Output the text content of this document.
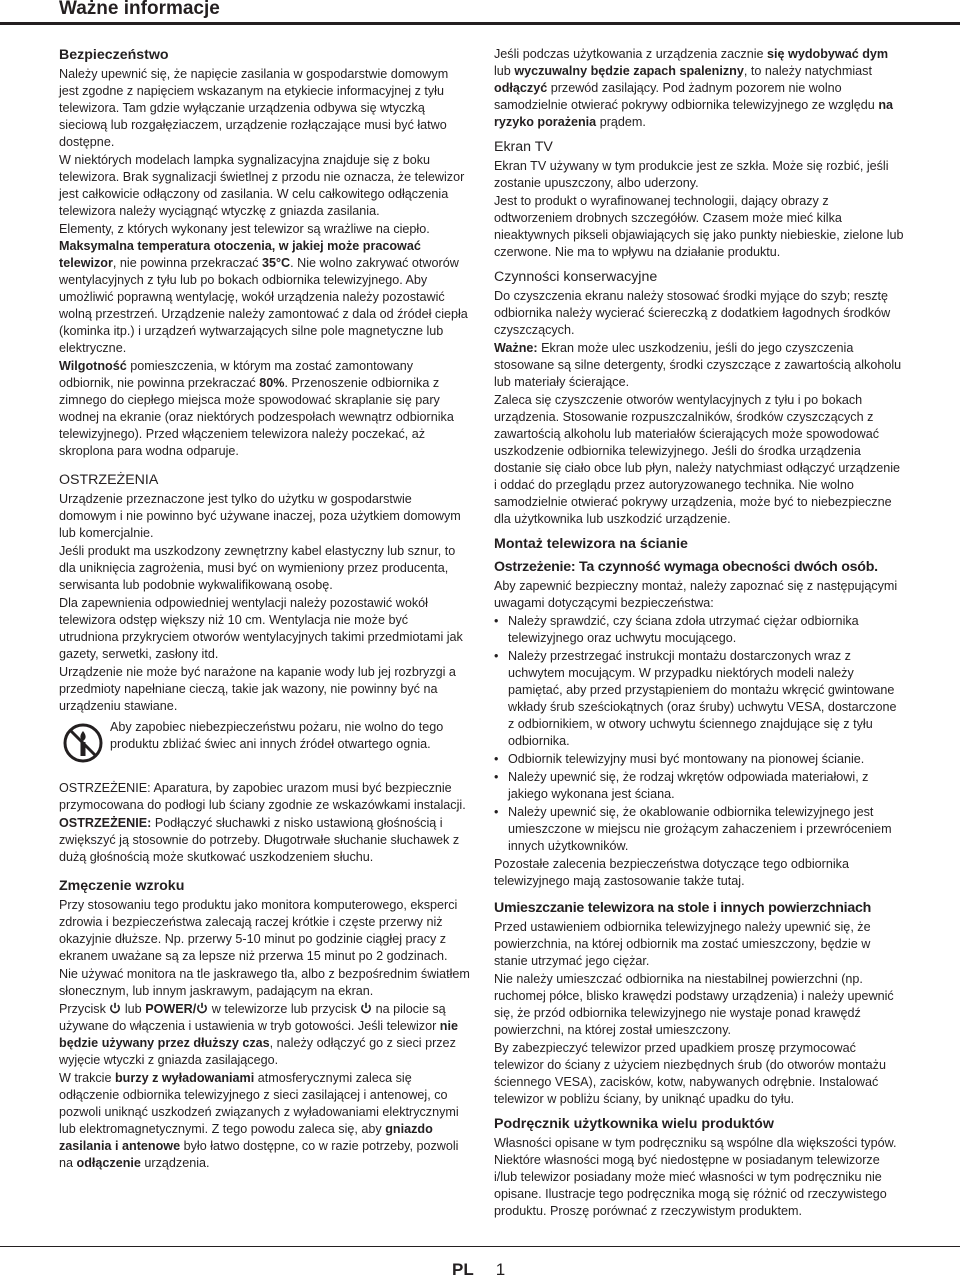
Ważne informacje
Bezpieczeństwo

Należy upewnić się, że napięcie zasilania w gospodarstwie domowym jest zgodne z napięciem wskazanym na etykiecie informacyjnej z tyłu telewizora. Tam gdzie wyłączanie urządzenia odbywa się wtyczką sieciową lub rozgałęziaczem, urządzenie rozłączające musi być łatwo dostępne.

W niektórych modelach lampka sygnalizacyjna znajduje się z boku telewizora. Brak sygnalizacji świetlnej z przodu nie oznacza, że telewizor jest całkowicie odłączony od zasilania. W celu całkowitego odłączenia telewizora należy wyciągnąć wtyczkę z gniazda zasilania.

Elementy, z których wykonany jest telewizor są wrażliwe na ciepło. Maksymalna temperatura otoczenia, w jakiej może pracować telewizor, nie powinna przekraczać 35°C. Nie wolno zakrywać otworów wentylacyjnych z tyłu lub po bokach odbiornika telewizyjnego. Aby umożliwić poprawną wentylację, wokół urządzenia należy pozostawić wolną przestrzeń. Urządzenie należy zamontować z dala od źródeł ciepła (kominka itp.) i urządzeń wytwarzających silne pole magnetyczne lub elektryczne.

Wilgotność pomieszczenia, w którym ma zostać zamontowany odbiornik, nie powinna przekraczać 80%. Przenoszenie odbiornika z zimnego do ciepłego miejsca może spowodować skraplanie się pary wodnej na ekranie (oraz niektórych podzespołach wewnątrz odbiornika telewizyjnego). Przed włączeniem telewizora należy poczekać, aż skroplona para wodna odparuje.

OSTRZEŻENIA

Urządzenie przeznaczone jest tylko do użytku w gospodarstwie domowym i nie powinno być używane inaczej, poza użytkiem domowym lub komercjalnie.

Jeśli produkt ma uszkodzony zewnętrzny kabel elastyczny lub sznur, to dla uniknięcia zagrożenia, musi być on wymieniony przez producenta, serwisanta lub podobnie wykwalifikowaną osobę.

Dla zapewnienia odpowiedniej wentylacji należy pozostawić wokół telewizora odstęp większy niż 10 cm. Wentylacja nie może być utrudniona przykryciem otworów wentylacyjnych takimi przedmiotami jak gazety, serwetki, zasłony itd.

Urządzenie nie może być narażone na kapanie wody lub jej rozbryzgi a przedmioty napełniane cieczą, takie jak wazony, nie powinny być na urządzeniu stawiane.

Aby zapobiec niebezpieczeństwu pożaru, nie wolno do tego produktu zbliżać świec ani innych źródeł otwartego ognia.

OSTRZEŻENIE: Aparatura, by zapobiec urazom musi być bezpiecznie przymocowana do podłogi lub ściany zgodnie ze wskazówkami instalacji.

OSTRZEŻENIE: Podłączyć słuchawki z nisko ustawioną głośnością i zwiększyć ją stosownie do potrzeby. Długotrwałe słuchanie słuchawek z dużą głośnością może skutkować uszkodzeniem słuchu.

Zmęczenie wzroku

Przy stosowaniu tego produktu jako monitora komputerowego, eksperci zdrowia i bezpieczeństwa zalecają raczej krótkie i częste przerwy niż okazyjnie dłuższe. Np. przerwy 5-10 minut po godzinie ciągłej pracy z ekranem uważane są za lepsze niż przerwa 15 minut po 2 godzinach.

Nie używać monitora na tle jaskrawego tła, albo z bezpośrednim światłem słonecznym, lub innym jaskrawym, padającym na ekran.

Przycisk  lub POWER/ w telewizorze lub przycisk  na pilocie są używane do włączenia i ustawienia w tryb gotowości. Jeśli telewizor nie będzie używany przez dłuższy czas, należy odłączyć go z sieci przez wyjęcie wtyczki z gniazda zasilającego.

W trakcie burzy z wyładowaniami atmosferycznymi zaleca się odłączenie odbiornika telewizyjnego z sieci zasilającej i antenowej, co pozwoli uniknąć uszkodzeń związanych z wyładowaniami elektrycznymi lub elektromagnetycznymi. Z tego powodu zaleca się, aby gniazdo zasilania i antenowe było łatwo dostępne, co w razie potrzeby, pozwoli na odłączenie urządzenia.

Jeśli podczas użytkowania z urządzenia zacznie się wydobywać dym lub wyczuwalny będzie zapach spalenizny, to należy natychmiast odłączyć przewód zasilający. Pod żadnym pozorem nie wolno samodzielnie otwierać pokrywy odbiornika telewizyjnego ze względu na ryzyko porażenia prądem.

Ekran TV

Ekran TV używany w tym produkcie jest ze szkła. Może się rozbić, jeśli zostanie upuszczony, albo uderzony.

Jest to produkt o wyrafinowanej technologii, dający obrazy z odtworzeniem drobnych szczegółów. Czasem może mieć kilka nieaktywnych pikseli objawiających się jako punkty niebieskie, zielone lub czerwone. Nie ma to wpływu na działanie produktu.

Czynności konserwacyjne

Do czyszczenia ekranu należy stosować środki myjące do szyb; resztę odbiornika należy wycierać ściereczką z dodatkiem łagodnych środków czyszczących.

Ważne: Ekran może ulec uszkodzeniu, jeśli do jego czyszczenia stosowane są silne detergenty, środki czyszczące z zawartością alkoholu lub materiały ścierające.

Zaleca się czyszczenie otworów wentylacyjnych z tyłu i po bokach urządzenia. Stosowanie rozpuszczalników, środków czyszczących z zawartością alkoholu lub materiałów ścierających może spowodować uszkodzenie odbiornika telewizyjnego. Jeśli do środka urządzenia dostanie się ciało obce lub płyn, należy natychmiast odłączyć urządzenie i oddać do przeglądu przez autoryzowanego technika. Nie wolno samodzielnie otwierać pokrywy urządzenia, może być to niebezpieczne dla użytkownika lub uszkodzić urządzenie.

Montaż telewizora na ścianie
Ostrzeżenie: Ta czynność wymaga obecności dwóch osób.

Aby zapewnić bezpieczny montaż, należy zapoznać się z następującymi uwagami dotyczącymi bezpieczeństwa:

• Należy sprawdzić, czy ściana zdoła utrzymać ciężar odbiornika telewizyjnego oraz uchwytu mocującego.
• Należy przestrzegać instrukcji montażu dostarczonych wraz z uchwytem mocującym. W przypadku niektórych modeli należy pamiętać, aby przed przystąpieniem do montażu wkręcić gwintowane wkłady śrub sześciokątnych (oraz śruby) uchwytu VESA, dostarczone z odbiornikiem, w otwory uchwytu ściennego znajdujące się z tyłu odbiornika.
• Odbiornik telewizyjny musi być montowany na pionowej ścianie.
• Należy upewnić się, że rodzaj wkrętów odpowiada materiałowi, z jakiego wykonana jest ściana.
• Należy upewnić się, że okablowanie odbiornika telewizyjnego jest umieszczone w miejscu nie grożącym zahaczeniem i przewróceniem innych użytkowników.

Pozostałe zalecenia bezpieczeństwa dotyczące tego odbiornika telewizyjnego mają zastosowanie także tutaj.

Umieszczanie telewizora na stole i innych powierzchniach

Przed ustawieniem odbiornika telewizyjnego należy upewnić się, że powierzchnia, na której odbiornik ma zostać umieszczony, będzie w stanie utrzymać jego ciężar.

Nie należy umieszczać odbiornika na niestabilnej powierzchni (np. ruchomej półce, blisko krawędzi podstawy urządzenia) i należy upewnić się, że przód odbiornika telewizyjnego nie wystaje ponad krawędź powierzchni, na której został umieszczony.

By zabezpieczyć telewizor przed upadkiem proszę przymocować telewizor do ściany z użyciem niezbędnych śrub (do otworów montażu ściennego VESA), zacisków, kotw, nabywanych odrębnie. Instalować telewizor w pobliżu ściany, by uniknąć upadku do tyłu.

Podręcznik użytkownika wielu produktów

Własności opisane w tym podręczniku są wspólne dla większości typów. Niektóre własności mogą być niedostępne w posiadanym telewizorze i/lub telewizor posiadany może mieć własności w tym podręczniku nie opisane. Ilustracje tego podręcznika mogą się różnić od rzeczywistego produktu. Proszę porównać z rzeczywistym produktem.

PL 1
